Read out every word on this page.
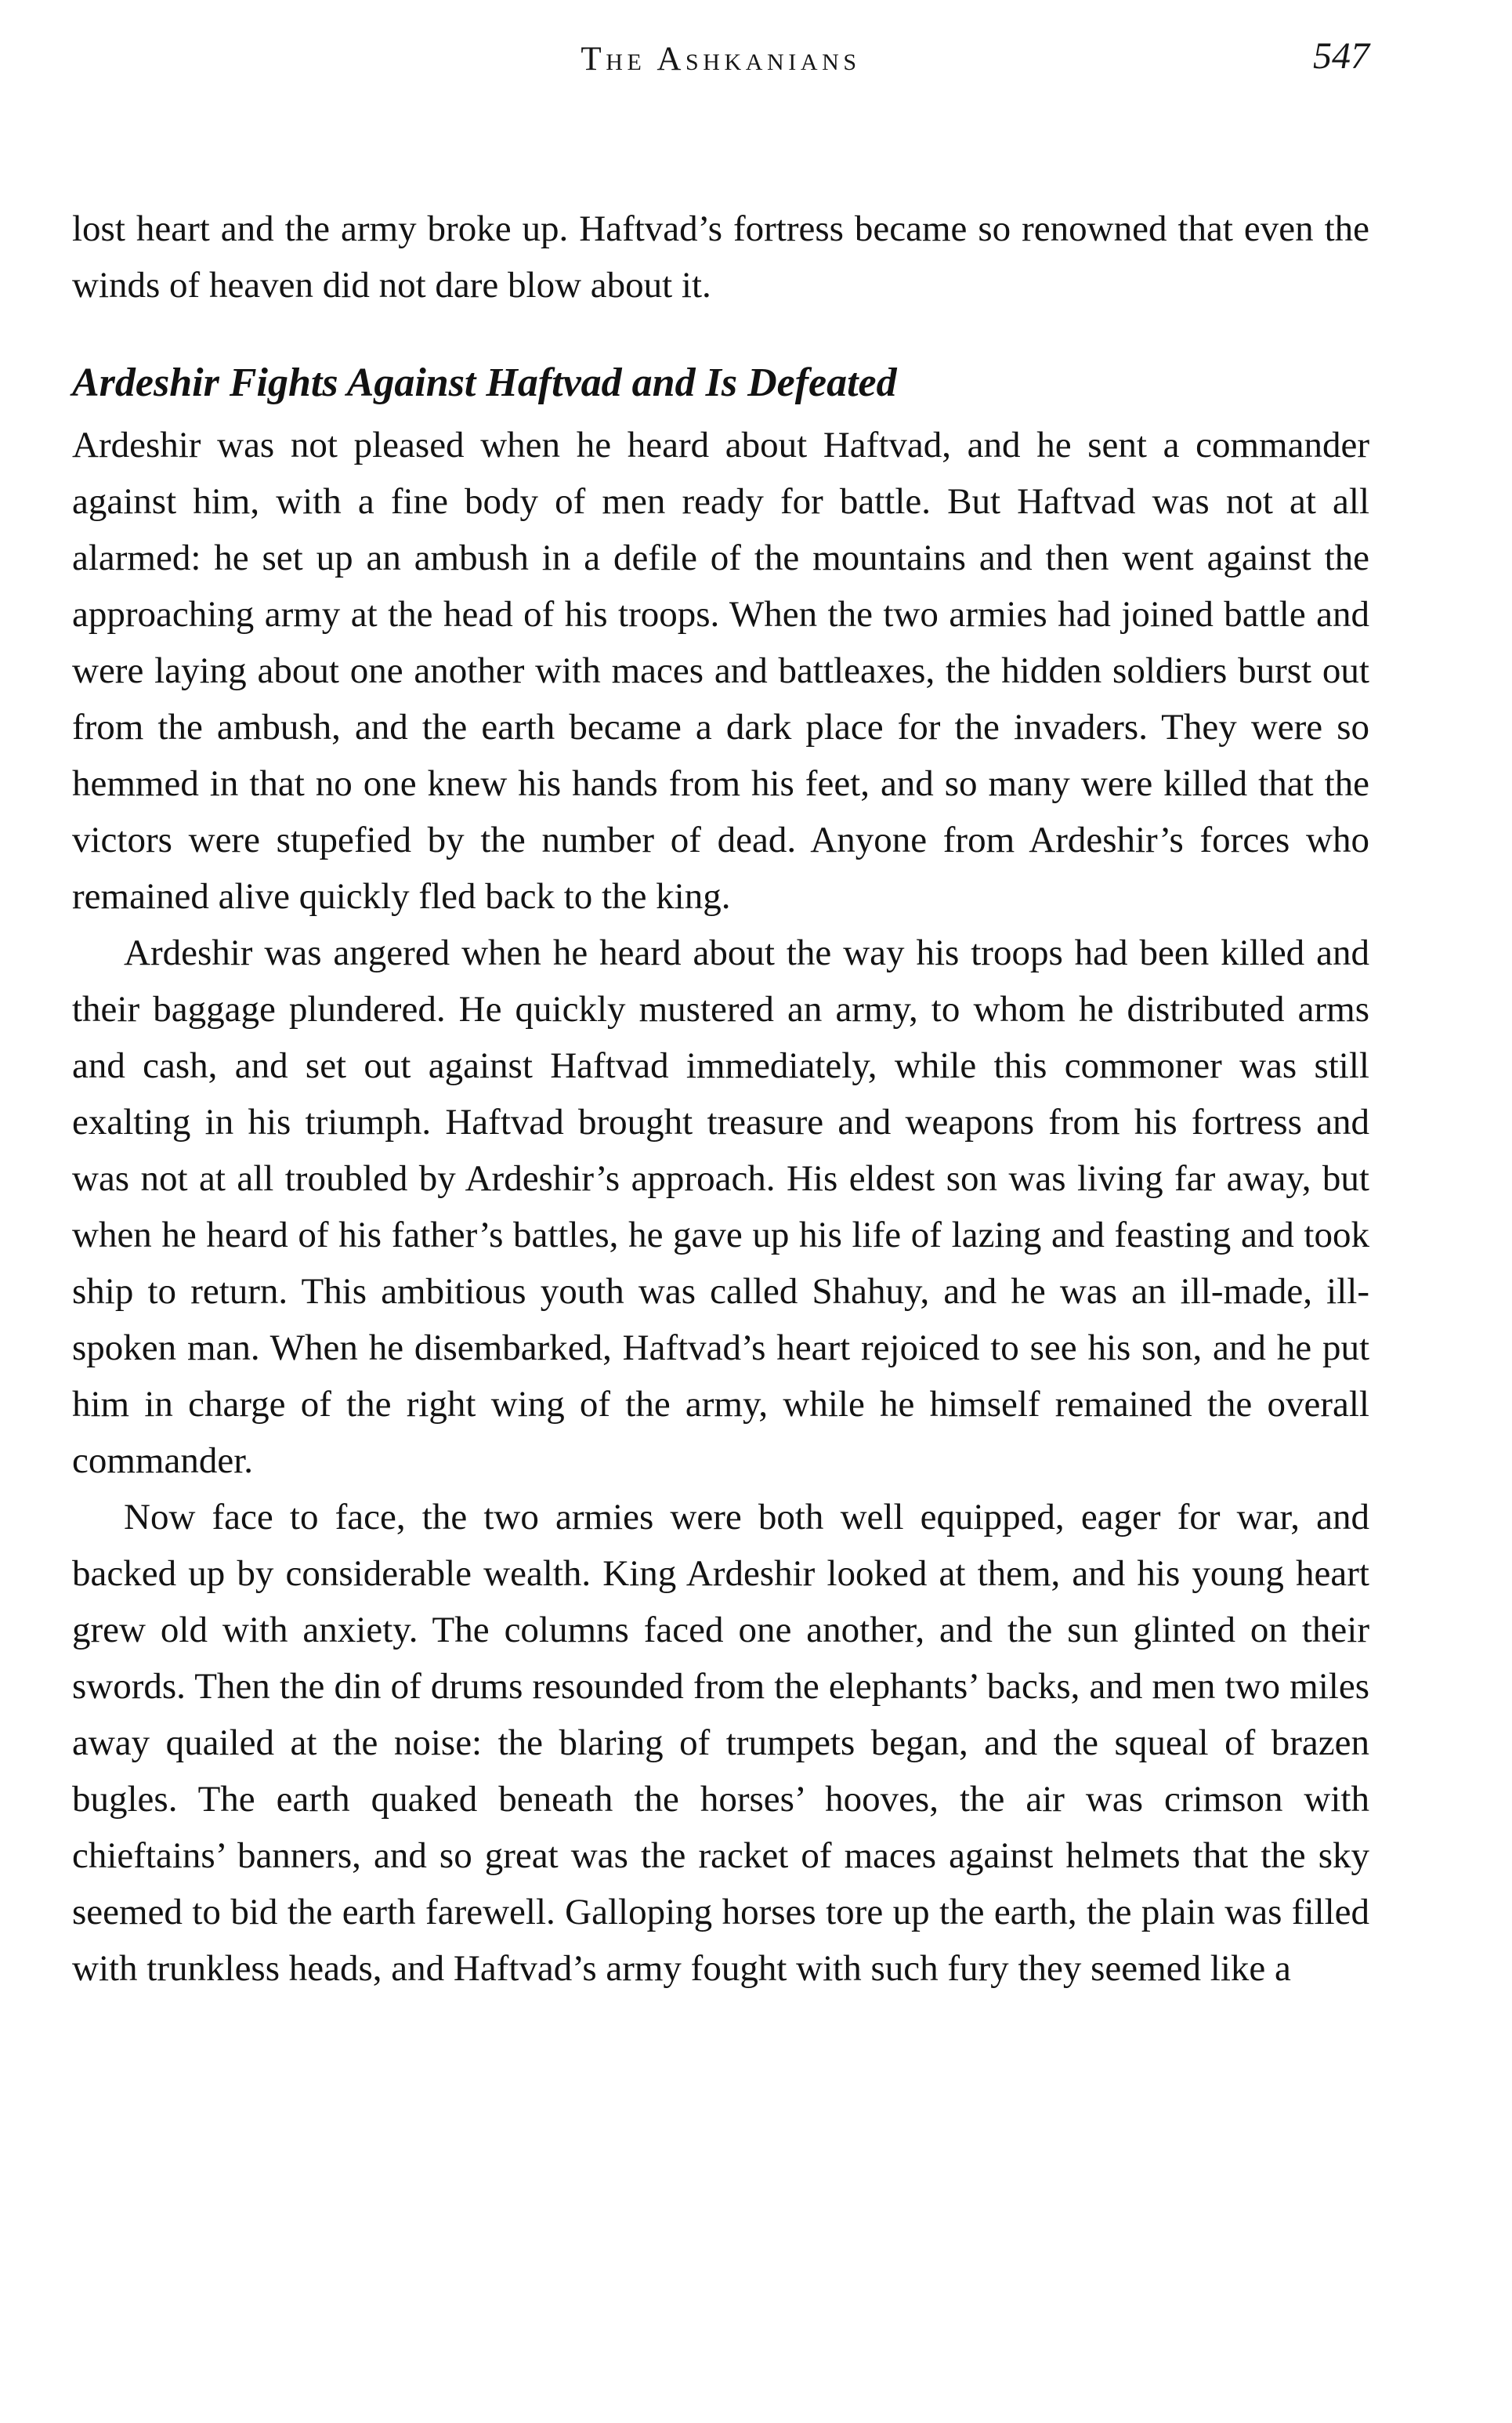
The Ashkanians	547

lost heart and the army broke up. Haftvad’s fortress became so renowned that even the winds of heaven did not dare blow about it.

Ardeshir Fights Against Haftvad and Is Defeated

Ardeshir was not pleased when he heard about Haftvad, and he sent a commander against him, with a fine body of men ready for battle. But Haftvad was not at all alarmed: he set up an ambush in a defile of the mountains and then went against the approaching army at the head of his troops. When the two armies had joined battle and were laying about one another with maces and battleaxes, the hidden soldiers burst out from the ambush, and the earth became a dark place for the invaders. They were so hemmed in that no one knew his hands from his feet, and so many were killed that the victors were stupefied by the number of dead. Anyone from Ardeshir’s forces who remained alive quickly fled back to the king.

Ardeshir was angered when he heard about the way his troops had been killed and their baggage plundered. He quickly mustered an army, to whom he distributed arms and cash, and set out against Haftvad immediately, while this commoner was still exalting in his triumph. Haftvad brought treasure and weapons from his fortress and was not at all troubled by Ardeshir’s approach. His eldest son was living far away, but when he heard of his father’s battles, he gave up his life of lazing and feasting and took ship to return. This ambitious youth was called Shahuy, and he was an ill-made, ill-spoken man. When he disembarked, Haftvad’s heart rejoiced to see his son, and he put him in charge of the right wing of the army, while he himself remained the overall commander.

Now face to face, the two armies were both well equipped, eager for war, and backed up by considerable wealth. King Ardeshir looked at them, and his young heart grew old with anxiety. The columns faced one another, and the sun glinted on their swords. Then the din of drums resounded from the elephants’ backs, and men two miles away quailed at the noise: the blaring of trumpets began, and the squeal of brazen bugles. The earth quaked beneath the horses’ hooves, the air was crimson with chieftains’ banners, and so great was the racket of maces against helmets that the sky seemed to bid the earth farewell. Galloping horses tore up the earth, the plain was filled with trunkless heads, and Haftvad’s army fought with such fury they seemed like a
